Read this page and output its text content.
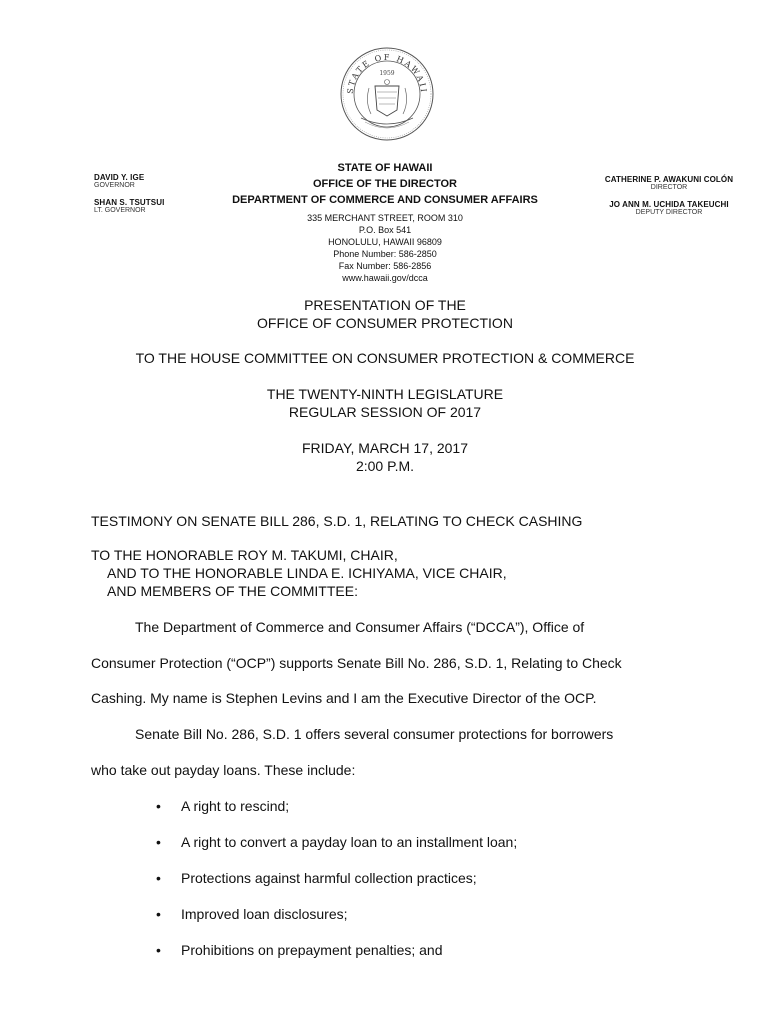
STATE OF HAWAII
1959
DAVID Y. IGE
GOVERNOR
SHAN S. TSUTSUI
LT. GOVERNOR
CATHERINE P. AWAKUNI COLÓN
DIRECTOR
JO ANN M. UCHIDA TAKEUCHI
DEPUTY DIRECTOR
STATE OF HAWAII
OFFICE OF THE DIRECTOR
DEPARTMENT OF COMMERCE AND CONSUMER AFFAIRS
335 MERCHANT STREET, ROOM 310
P.O. Box 541
HONOLULU, HAWAII 96809
Phone Number: 586-2850
Fax Number: 586-2856
www.hawaii.gov/dcca
PRESENTATION OF THE
OFFICE OF CONSUMER PROTECTION
TO THE HOUSE COMMITTEE ON CONSUMER PROTECTION & COMMERCE
THE TWENTY-NINTH LEGISLATURE
REGULAR SESSION OF 2017
FRIDAY, MARCH 17, 2017
2:00 P.M.
TESTIMONY ON SENATE BILL 286, S.D. 1, RELATING TO CHECK CASHING
TO THE HONORABLE ROY M. TAKUMI, CHAIR,
AND TO THE HONORABLE LINDA E. ICHIYAMA, VICE CHAIR,
AND MEMBERS OF THE COMMITTEE:
The Department of Commerce and Consumer Affairs (“DCCA”), Office of
Consumer Protection (“OCP”) supports Senate Bill No. 286, S.D. 1, Relating to Check
Cashing. My name is Stephen Levins and I am the Executive Director of the OCP.
Senate Bill No. 286, S.D. 1 offers several consumer protections for borrowers
who take out payday loans. These include:
• A right to rescind;
• A right to convert a payday loan to an installment loan;
• Protections against harmful collection practices;
• Improved loan disclosures;
• Prohibitions on prepayment penalties; and
